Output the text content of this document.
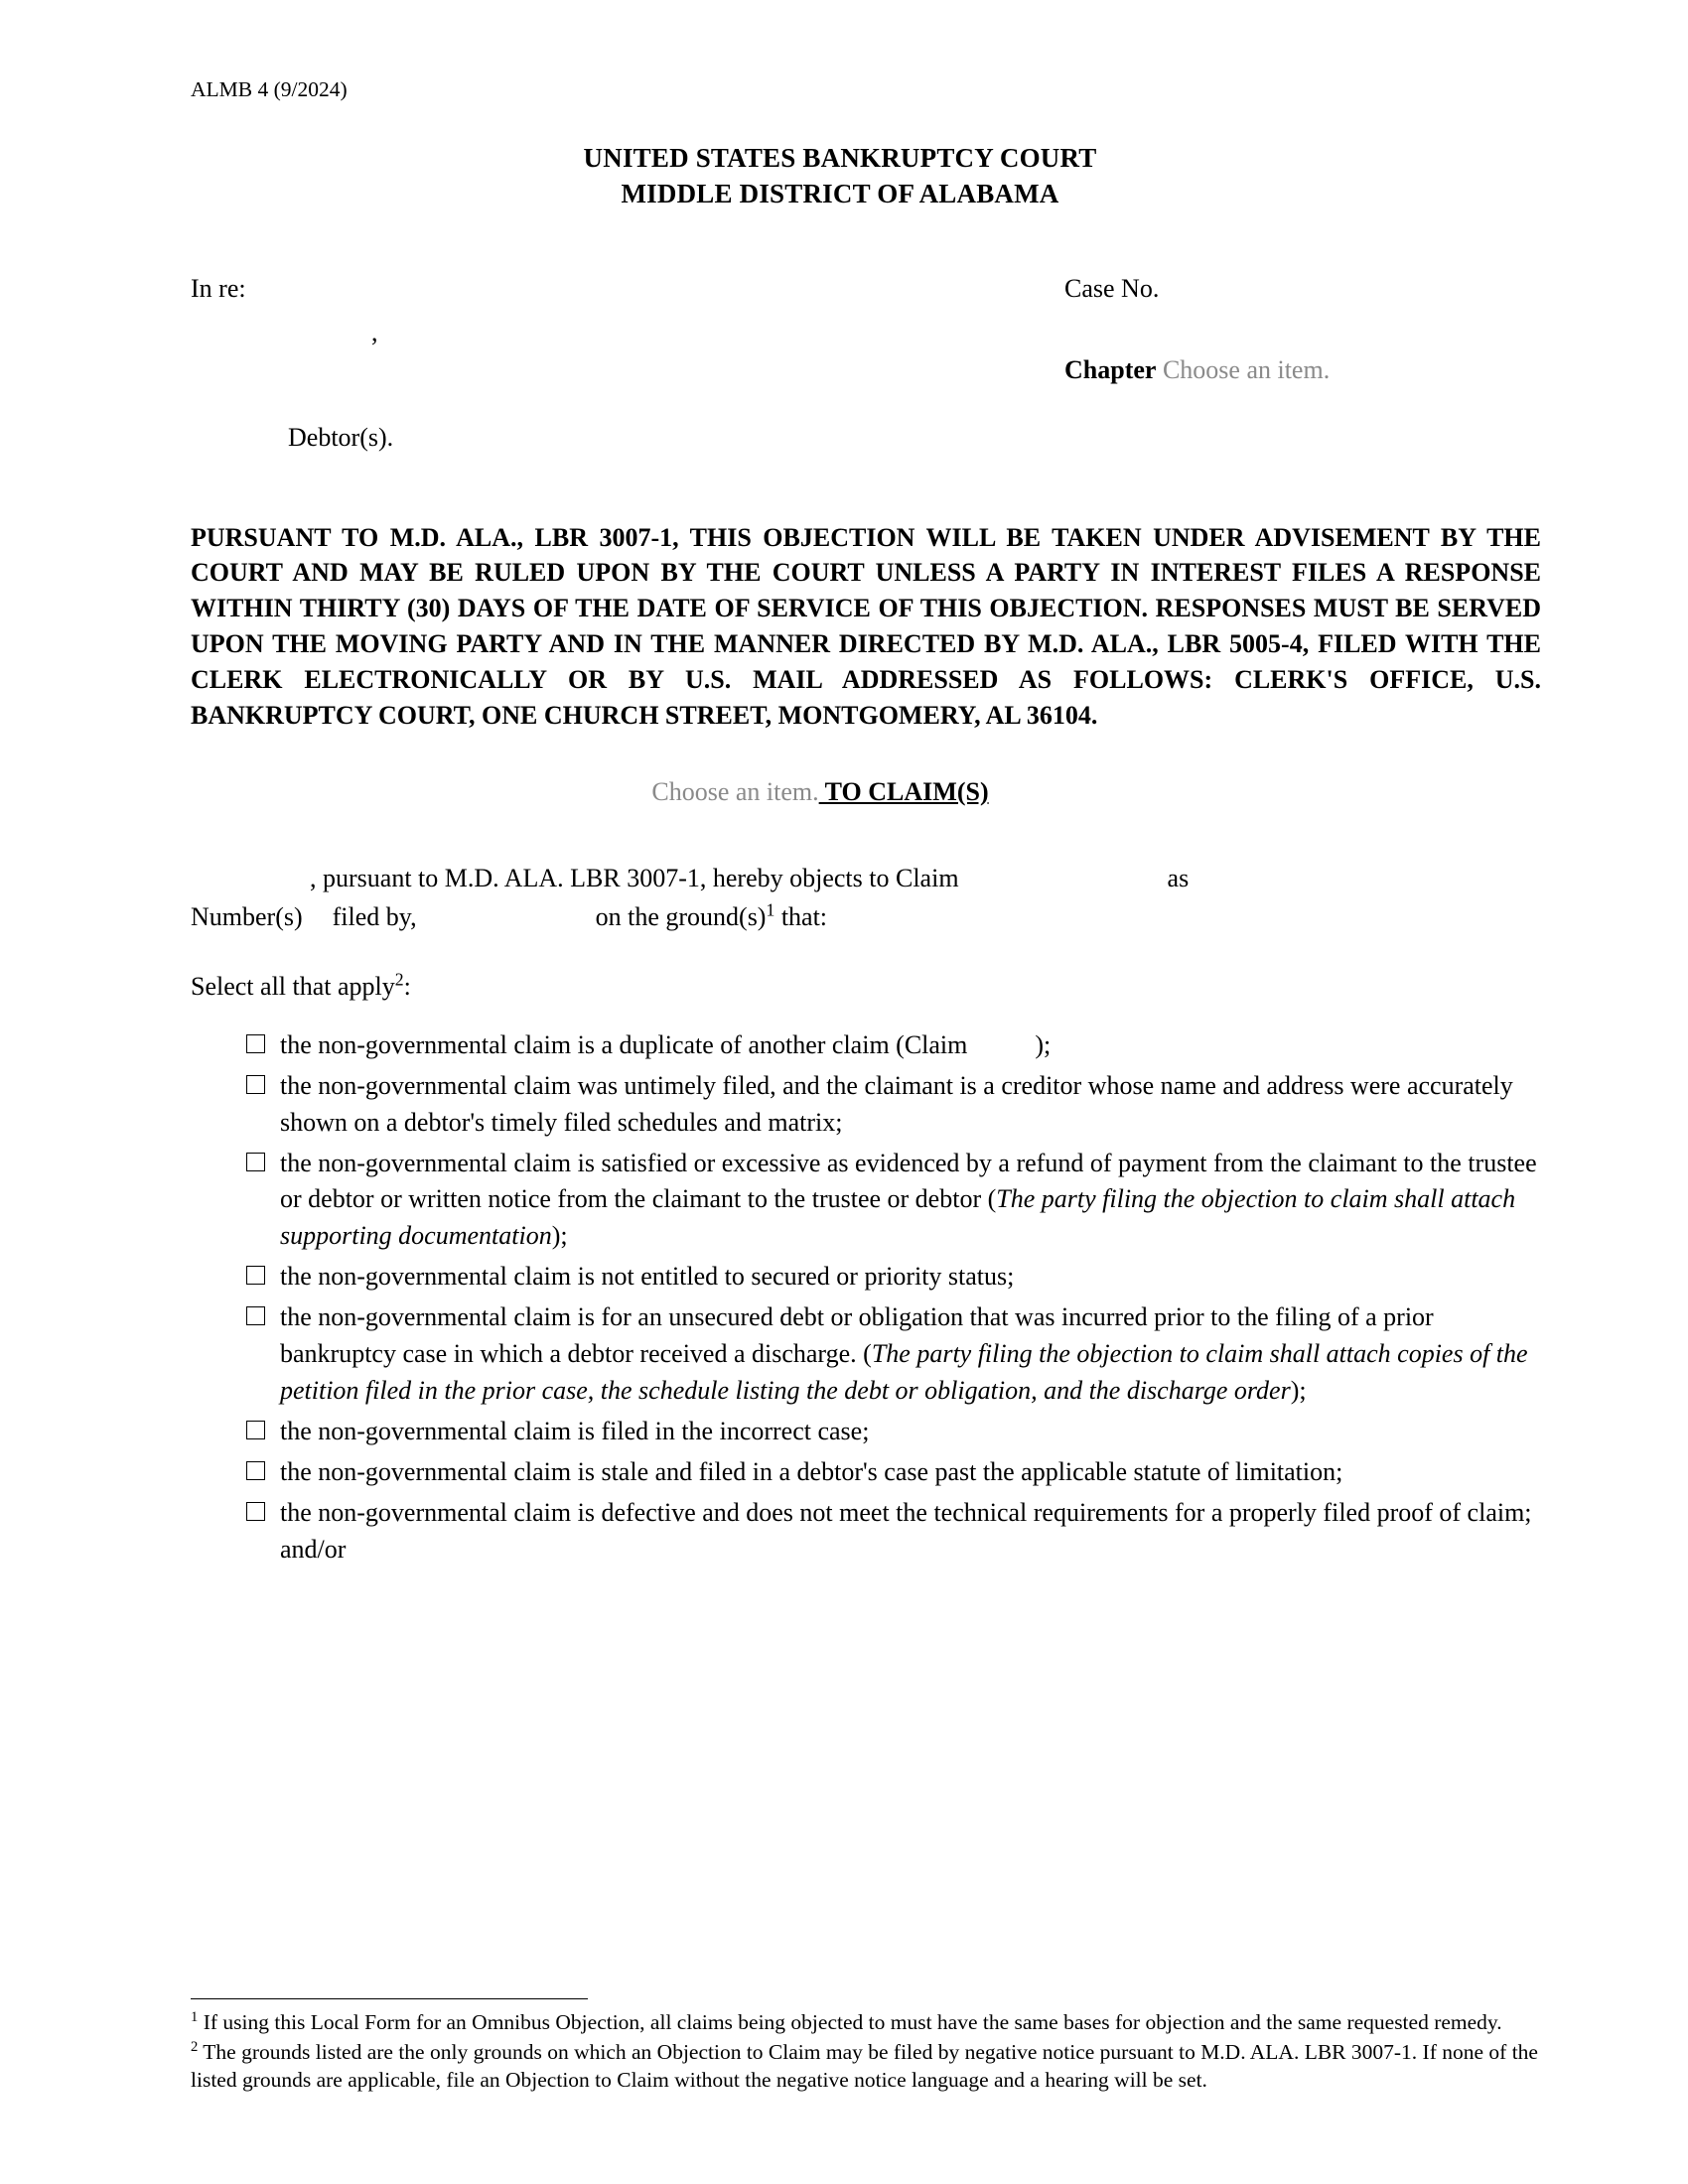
ALMB 4 (9/2024)
UNITED STATES BANKRUPTCY COURT
MIDDLE DISTRICT OF ALABAMA
In re:
,
Debtor(s).
Case No.
Chapter Choose an item.
PURSUANT TO M.D. ALA., LBR 3007-1, THIS OBJECTION WILL BE TAKEN UNDER ADVISEMENT BY THE COURT AND MAY BE RULED UPON BY THE COURT UNLESS A PARTY IN INTEREST FILES A RESPONSE WITHIN THIRTY (30) DAYS OF THE DATE OF SERVICE OF THIS OBJECTION. RESPONSES MUST BE SERVED UPON THE MOVING PARTY AND IN THE MANNER DIRECTED BY M.D. ALA., LBR 5005-4, FILED WITH THE CLERK ELECTRONICALLY OR BY U.S. MAIL ADDRESSED AS FOLLOWS: CLERK'S OFFICE, U.S. BANKRUPTCY COURT, ONE CHURCH STREET, MONTGOMERY, AL 36104.
Choose an item. TO CLAIM(S)
, pursuant to M.D. ALA. LBR 3007-1, hereby objects to Claim	as
Number(s) filed by,	on the $ground(s)^1$ that:
Select all that apply$^2$:
the non-governmental claim is a duplicate of another claim (Claim	);
the non-governmental claim was untimely filed, and the claimant is a creditor whose name and address were accurately shown on a debtor's timely filed schedules and matrix;
the non-governmental claim is satisfied or excessive as evidenced by a refund of payment from the claimant to the trustee or debtor or written notice from the claimant to the trustee or debtor (The party filing the objection to claim shall attach supporting documentation);
the non-governmental claim is not entitled to secured or priority status;
the non-governmental claim is for an unsecured debt or obligation that was incurred prior to the filing of a prior bankruptcy case in which a debtor received a discharge. (The party filing the objection to claim shall attach copies of the petition filed in the prior case, the schedule listing the debt or obligation, and the discharge order);
the non-governmental claim is filed in the incorrect case;
the non-governmental claim is stale and filed in a debtor's case past the applicable statute of limitation;
the non-governmental claim is defective and does not meet the technical requirements for a properly filed proof of claim; and/or

$^1$ If using this Local Form for an Omnibus Objection, all claims being objected to must have the same bases for objection and the same requested remedy.

$^2$ The grounds listed are the only grounds on which an Objection to Claim may be filed by negative notice pursuant to M.D. ALA. LBR 3007-1. If none of the listed grounds are applicable, file an Objection to Claim without the negative notice language and a hearing will be set.
